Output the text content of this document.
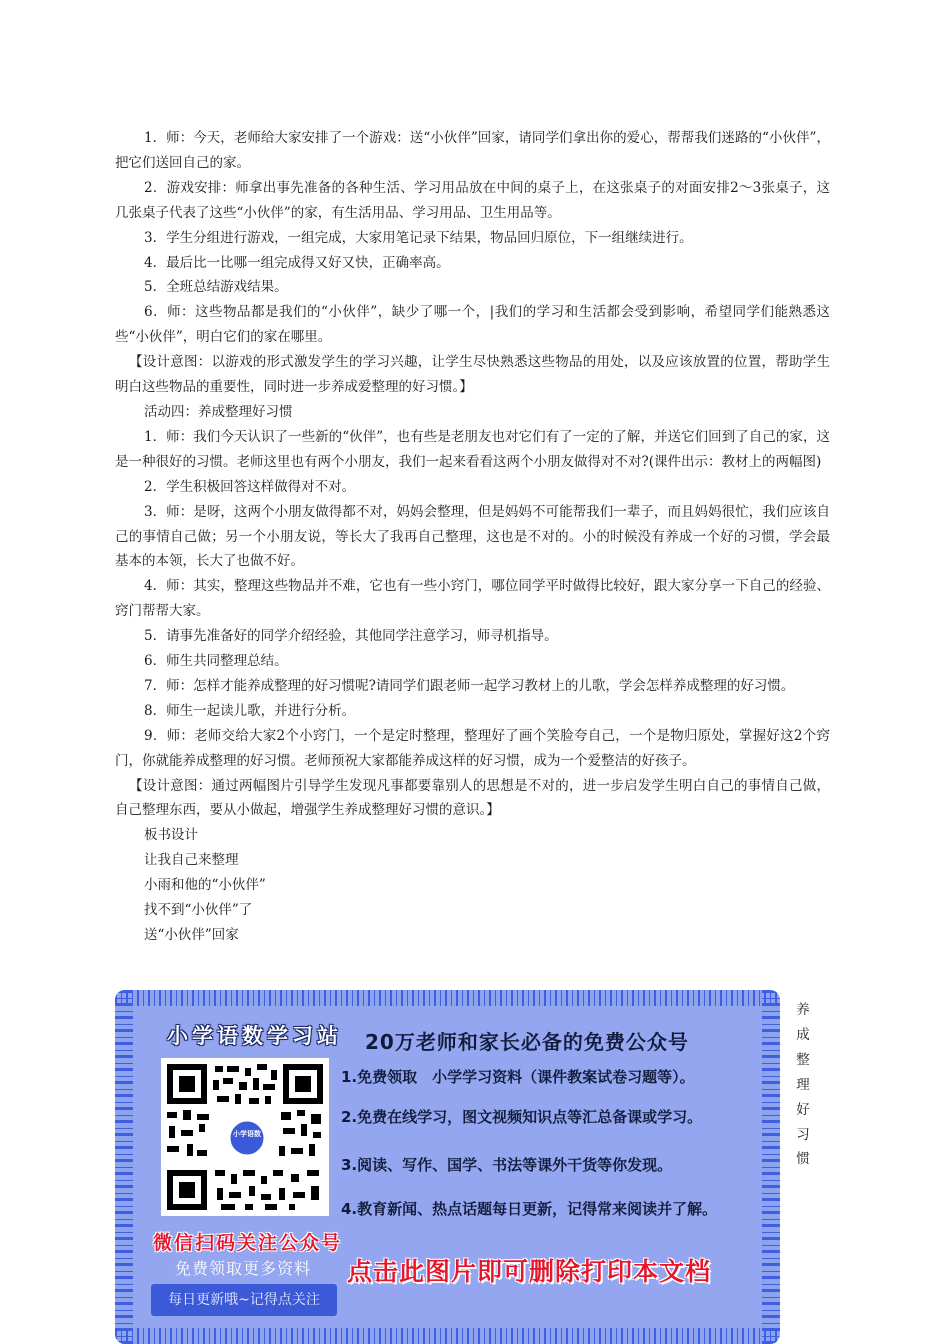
1．师：今天，老师给大家安排了一个游戏：送“小伙伴”回家，请同学们拿出你的爱心，帮帮我们迷路的“小伙伴”，把它们送回自己的家。

2．游戏安排：师拿出事先准备的各种生活、学习用品放在中间的桌子上，在这张桌子的对面安排2～3张桌子，这几张桌子代表了这些“小伙伴”的家，有生活用品、学习用品、卫生用品等。

3．学生分组进行游戏，一组完成，大家用笔记录下结果，物品回归原位，下一组继续进行。

4．最后比一比哪一组完成得又好又快，正确率高。

5．全班总结游戏结果。

6．师：这些物品都是我们的“小伙伴”，缺少了哪一个，|我们的学习和生活都会受到影响，希望同学们能熟悉这些“小伙伴”，明白它们的家在哪里。

【设计意图：以游戏的形式激发学生的学习兴趣，让学生尽快熟悉这些物品的用处，以及应该放置的位置，帮助学生明白这些物品的重要性，同时进一步养成爱整理的好习惯。】

活动四：养成整理好习惯

1．师：我们今天认识了一些新的“伙伴”，也有些是老朋友也对它们有了一定的了解，并送它们回到了自己的家，这是一种很好的习惯。老师这里也有两个小朋友，我们一起来看看这两个小朋友做得对不对?(课件出示：教材上的两幅图)

2．学生积极回答这样做得对不对。

3．师：是呀，这两个小朋友做得都不对，妈妈会整理，但是妈妈不可能帮我们一辈子，而且妈妈很忙，我们应该自己的事情自己做；另一个小朋友说，等长大了我再自己整理，这也是不对的。小的时候没有养成一个好的习惯，学会最基本的本领，长大了也做不好。

4．师：其实，整理这些物品并不难，它也有一些小窍门，哪位同学平时做得比较好，跟大家分享一下自己的经验、窍门帮帮大家。

5．请事先准备好的同学介绍经验，其他同学注意学习，师寻机指导。

6．师生共同整理总结。

7．师：怎样才能养成整理的好习惯呢?请同学们跟老师一起学习教材上的儿歌，学会怎样养成整理的好习惯。

8．师生一起读儿歌，并进行分析。

9．师：老师交给大家2个小窍门，一个是定时整理，整理好了画个笑脸夸自己，一个是物归原处，掌握好这2个窍门，你就能养成整理的好习惯。老师预祝大家都能养成这样的好习惯，成为一个爱整洁的好孩子。

【设计意图：通过两幅图片引导学生发现凡事都要靠别人的思想是不对的，进一步启发学生明白自己的事情自己做，自己整理东西，要从小做起，增强学生养成整理好习惯的意识。】

板书设计

让我自己来整理

小雨和他的“小伙伴”

找不到“小伙伴”了

送“小伙伴”回家

小学语数学习站
小学语数
微信扫码关注公众号
免费领取更多资料
每日更新哦~记得点关注
20万老师和家长必备的免费公众号
1.免费领取　小学学习资料（课件教案试卷习题等）。
2.免费在线学习，图文视频知识点等汇总备课或学习。
3.阅读、写作、国学、书法等课外干货等你发现。
4.教育新闻、热点话题每日更新，记得常来阅读并了解。
点击此图片即可删除打印本文档
养成整理好习惯
